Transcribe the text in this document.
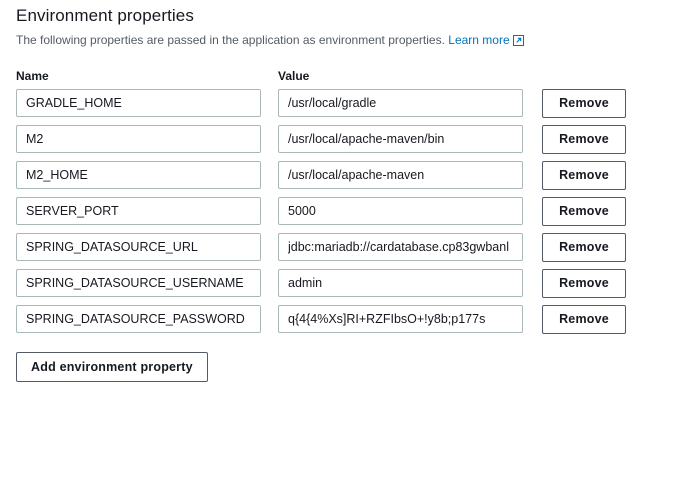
Environment properties

The following properties are passed in the application as environment properties. Learn more

Name	Value
GRADLE_HOME
/usr/local/gradle
Remove
M2
/usr/local/apache-maven/bin
Remove
M2_HOME
/usr/local/apache-maven
Remove
SERVER_PORT
5000
Remove
SPRING_DATASOURCE_URL
jdbc:mariadb://cardatabase.cp83gwbanl
Remove
SPRING_DATASOURCE_USERNAME
admin
Remove
SPRING_DATASOURCE_PASSWORD
q{4{4%Xs]RI+RZFIbsO+!y8b;p177s
Remove
Add environment property
